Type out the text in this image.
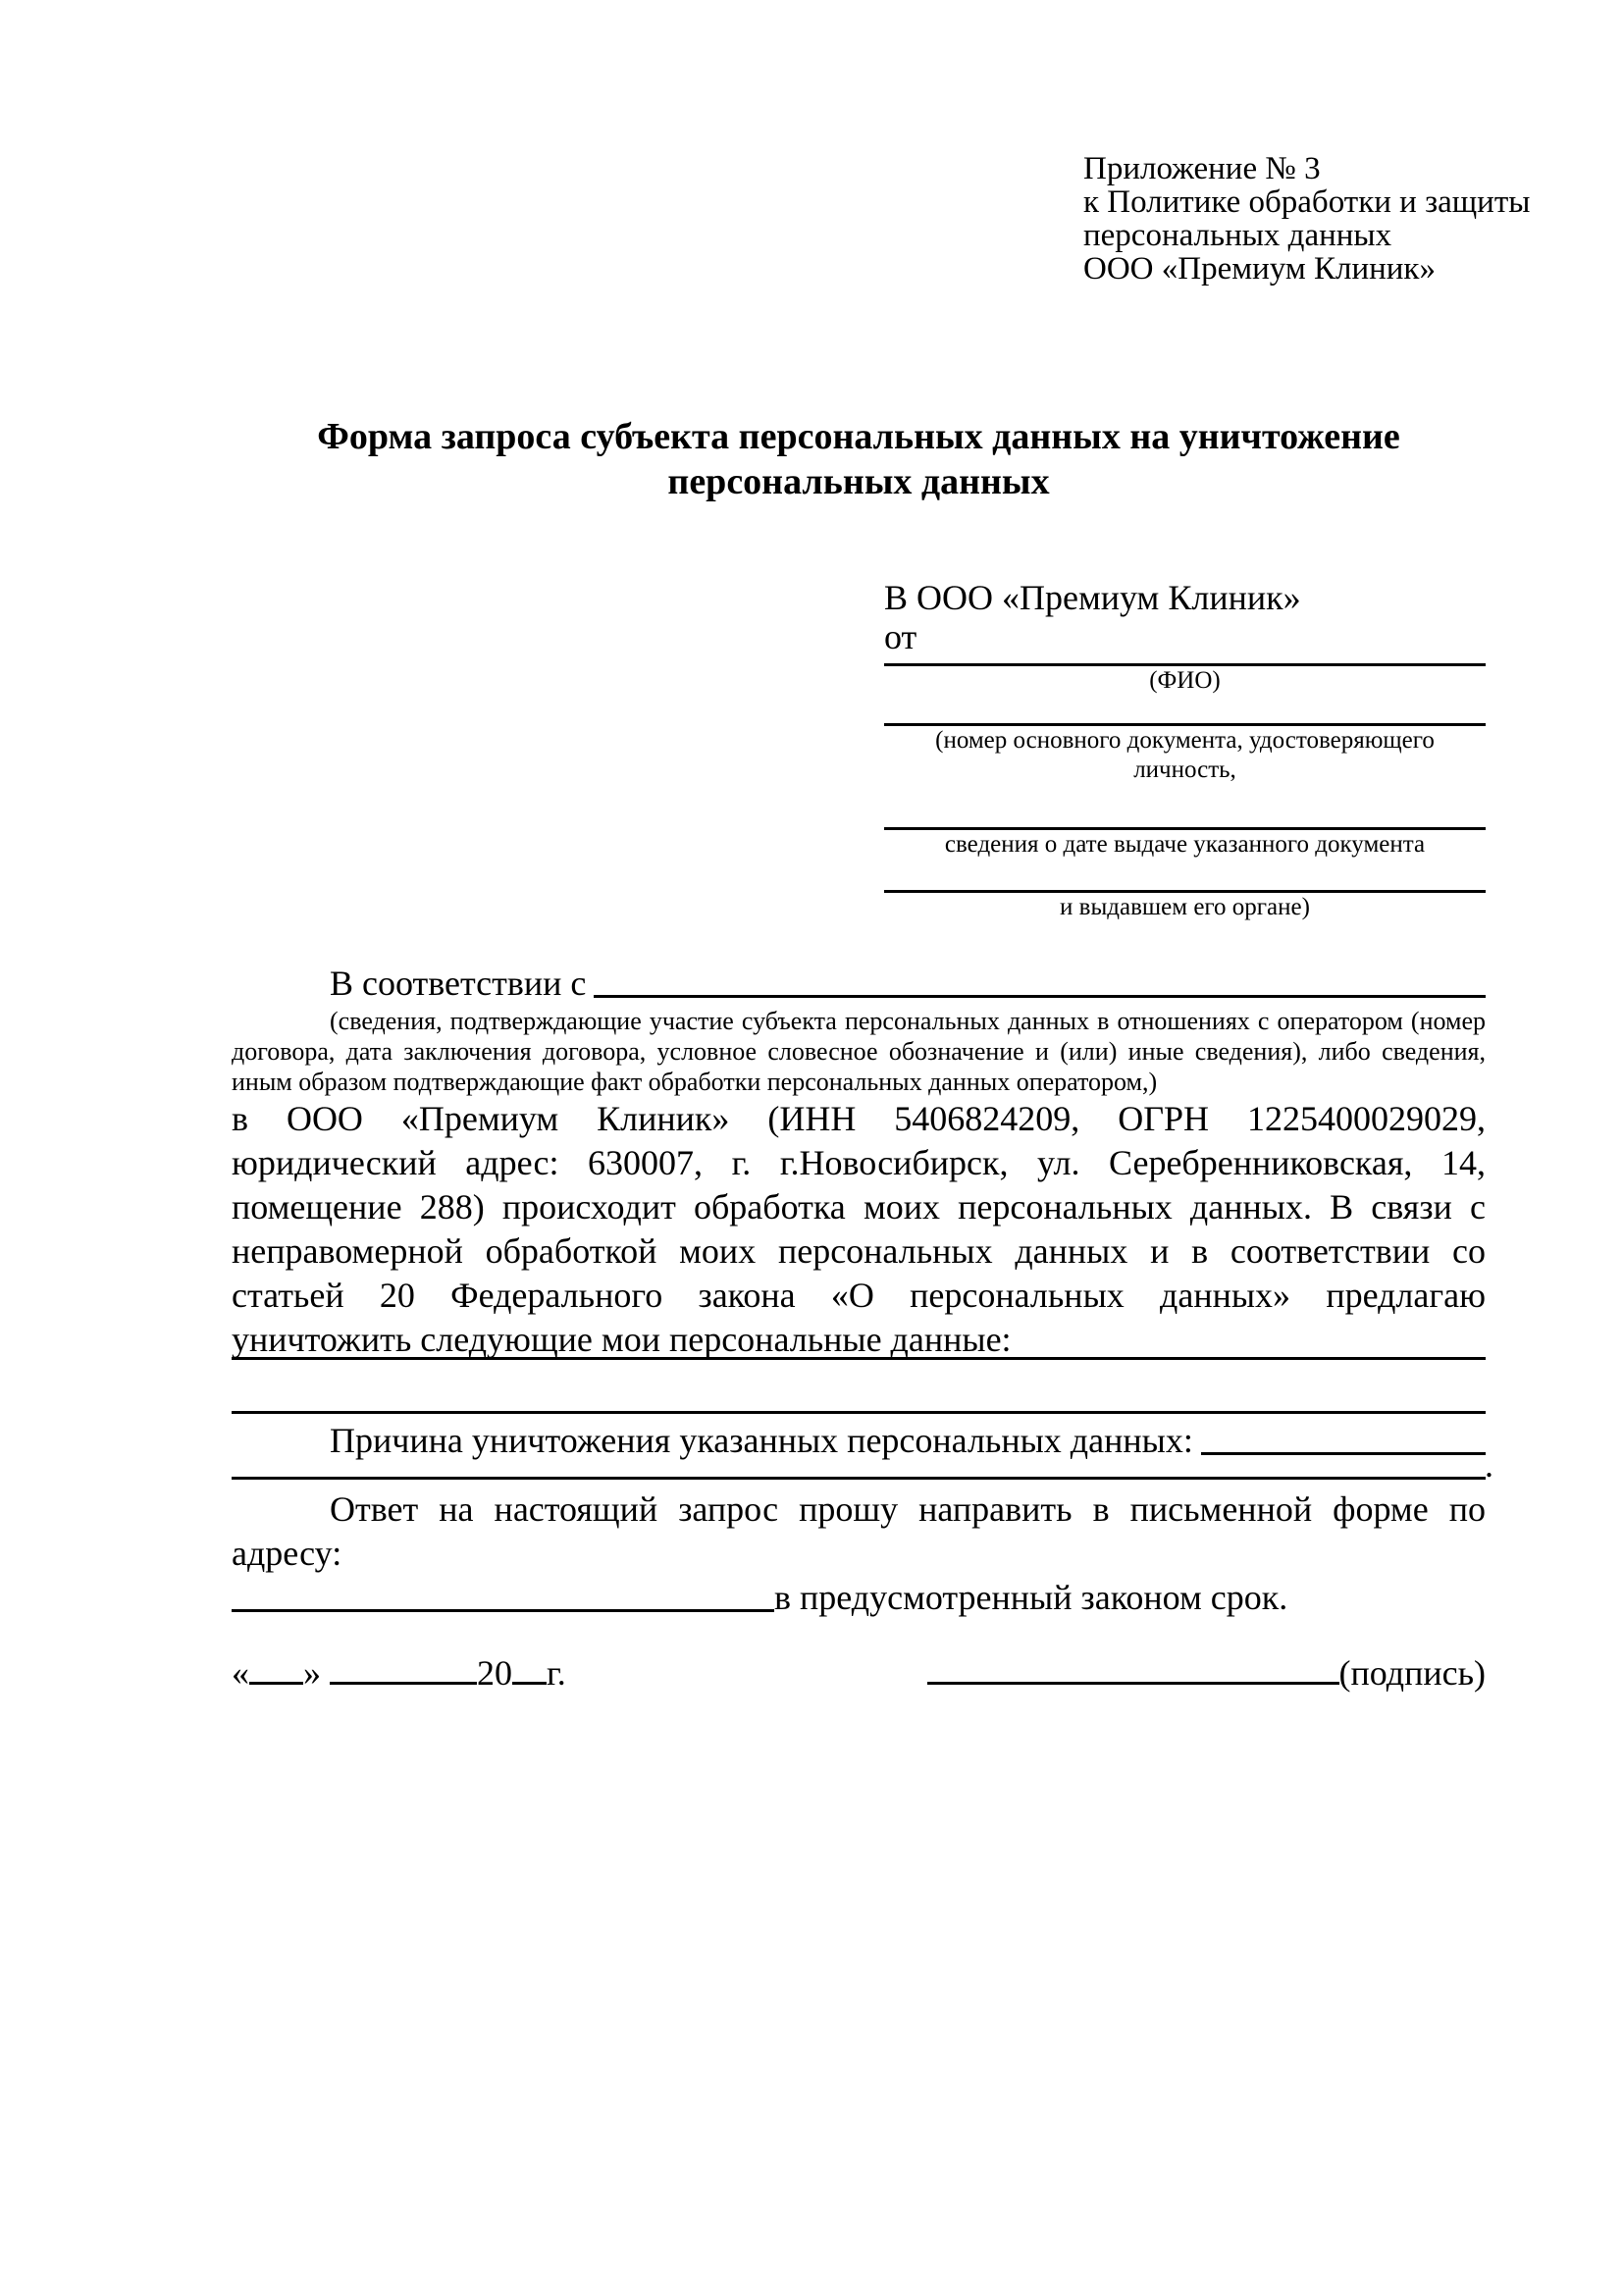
Приложение № 3
к Политике обработки и защиты
персональных данных
ООО «Премиум Клиник»
Форма запроса субъекта персональных данных на уничтожение персональных данных
В ООО «Премиум Клиник»
от
(ФИО)
(номер основного документа, удостоверяющего личность,
сведения о дате выдаче указанного документа
и выдавшем его органе)
В соответствии с
(сведения, подтверждающие участие субъекта персональных данных в отношениях с оператором (номер договора, дата заключения договора, условное словесное обозначение и (или) иные сведения), либо сведения, иным образом подтверждающие факт обработки персональных данных оператором,)
в ООО «Премиум Клиник» (ИНН 5406824209, ОГРН 1225400029029, юридический адрес: 630007, г. г.Новосибирск, ул. Серебренниковская, 14, помещение 288) происходит обработка моих персональных данных. В связи с неправомерной обработкой моих персональных данных и в соответствии со статьей 20 Федерального закона «О персональных данных» предлагаю уничтожить следующие мои персональные данные:
Причина уничтожения указанных персональных данных:
.
Ответ на настоящий запрос прошу направить в письменной форме по адресу:
в предусмотренный законом срок.
« »	20 г.	(подпись)
